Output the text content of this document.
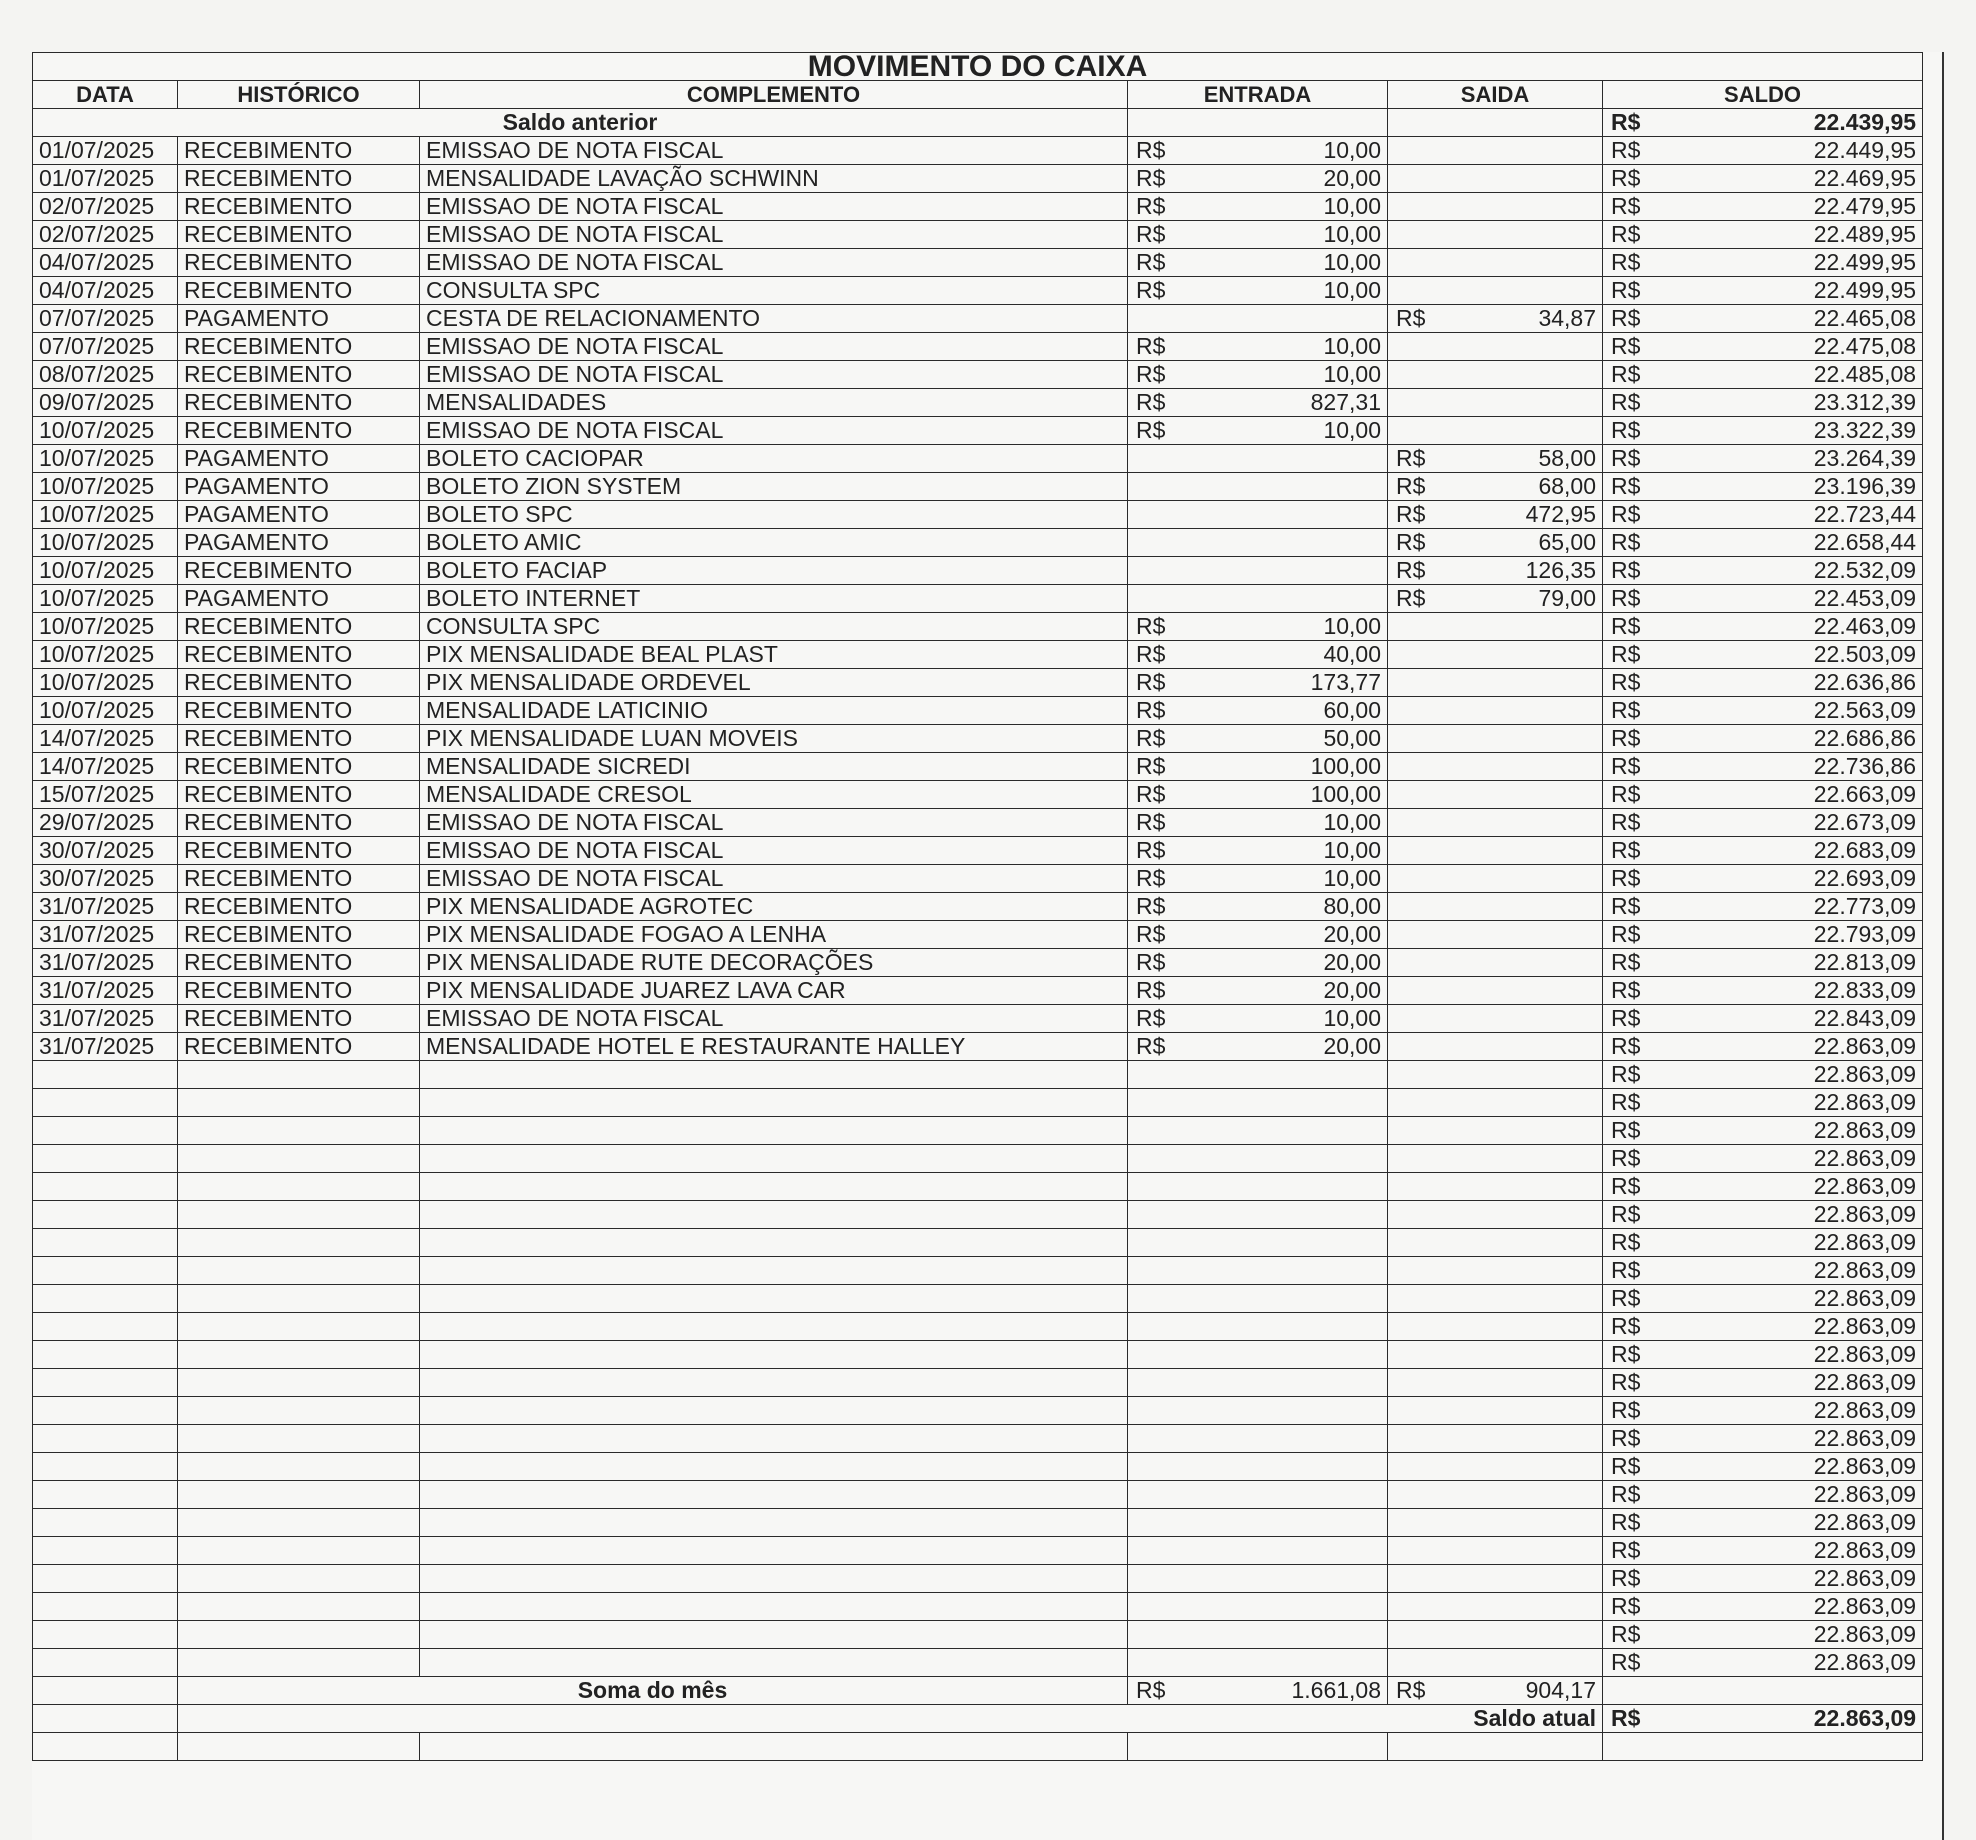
MOVIMENTO DO CAIXA					
DATA	HISTÓRICO	COMPLEMENTO	ENTRADA	SAIDA	SALDO
Saldo anterior					R$ 22.439,95

01/07/2025	RECEBIMENTO	EMISSAO DE NOTA FISCAL	R$ 10,00		R$ 22.449,95

01/07/2025	RECEBIMENTO	MENSALIDADE LAVAÇÃO SCHWINN	R$ 20,00		R$ 22.469,95

02/07/2025	RECEBIMENTO	EMISSAO DE NOTA FISCAL	R$ 10,00		R$ 22.479,95

02/07/2025	RECEBIMENTO	EMISSAO DE NOTA FISCAL	R$ 10,00		R$ 22.489,95

04/07/2025	RECEBIMENTO	EMISSAO DE NOTA FISCAL	R$ 10,00		R$ 22.499,95

04/07/2025	RECEBIMENTO	CONSULTA SPC	R$ 10,00		R$ 22.499,95

07/07/2025	PAGAMENTO	CESTA DE RELACIONAMENTO		R$ 34,87	R$ 22.465,08

07/07/2025	RECEBIMENTO	EMISSAO DE NOTA FISCAL	R$ 10,00		R$ 22.475,08

08/07/2025	RECEBIMENTO	EMISSAO DE NOTA FISCAL	R$ 10,00		R$ 22.485,08

09/07/2025	RECEBIMENTO	MENSALIDADES	R$ 827,31		R$ 23.312,39

10/07/2025	RECEBIMENTO	EMISSAO DE NOTA FISCAL	R$ 10,00		R$ 23.322,39

10/07/2025	PAGAMENTO	BOLETO CACIOPAR		R$ 58,00	R$ 23.264,39

10/07/2025	PAGAMENTO	BOLETO ZION SYSTEM		R$ 68,00	R$ 23.196,39

10/07/2025	PAGAMENTO	BOLETO SPC		R$ 472,95	R$ 22.723,44

10/07/2025	PAGAMENTO	BOLETO AMIC		R$ 65,00	R$ 22.658,44

10/07/2025	RECEBIMENTO	BOLETO FACIAP		R$ 126,35	R$ 22.532,09

10/07/2025	PAGAMENTO	BOLETO INTERNET		R$ 79,00	R$ 22.453,09

10/07/2025	RECEBIMENTO	CONSULTA SPC	R$ 10,00		R$ 22.463,09

10/07/2025	RECEBIMENTO	PIX MENSALIDADE BEAL PLAST	R$ 40,00		R$ 22.503,09

10/07/2025	RECEBIMENTO	PIX MENSALIDADE ORDEVEL	R$ 173,77		R$ 22.636,86

10/07/2025	RECEBIMENTO	MENSALIDADE LATICINIO	R$ 60,00		R$ 22.563,09

14/07/2025	RECEBIMENTO	PIX MENSALIDADE LUAN MOVEIS	R$ 50,00		R$ 22.686,86

14/07/2025	RECEBIMENTO	MENSALIDADE SICREDI	R$ 100,00		R$ 22.736,86

15/07/2025	RECEBIMENTO	MENSALIDADE CRESOL	R$ 100,00		R$ 22.663,09

29/07/2025	RECEBIMENTO	EMISSAO DE NOTA FISCAL	R$ 10,00		R$ 22.673,09

30/07/2025	RECEBIMENTO	EMISSAO DE NOTA FISCAL	R$ 10,00		R$ 22.683,09

30/07/2025	RECEBIMENTO	EMISSAO DE NOTA FISCAL	R$ 10,00		R$ 22.693,09

31/07/2025	RECEBIMENTO	PIX MENSALIDADE AGROTEC	R$ 80,00		R$ 22.773,09

31/07/2025	RECEBIMENTO	PIX MENSALIDADE FOGAO A LENHA	R$ 20,00		R$ 22.793,09

31/07/2025	RECEBIMENTO	PIX MENSALIDADE RUTE DECORAÇÕES	R$ 20,00		R$ 22.813,09

31/07/2025	RECEBIMENTO	PIX MENSALIDADE JUAREZ LAVA CAR	R$ 20,00		R$ 22.833,09

31/07/2025	RECEBIMENTO	EMISSAO DE NOTA FISCAL	R$ 10,00		R$ 22.843,09

31/07/2025	RECEBIMENTO	MENSALIDADE HOTEL E RESTAURANTE HALLEY	R$ 20,00		R$ 22.863,09

					R$ 22.863,09

					R$ 22.863,09

					R$ 22.863,09

					R$ 22.863,09

					R$ 22.863,09

					R$ 22.863,09

					R$ 22.863,09

					R$ 22.863,09

					R$ 22.863,09

					R$ 22.863,09

					R$ 22.863,09

					R$ 22.863,09

					R$ 22.863,09

					R$ 22.863,09

					R$ 22.863,09

					R$ 22.863,09

					R$ 22.863,09

					R$ 22.863,09

					R$ 22.863,09

					R$ 22.863,09

					R$ 22.863,09

					R$ 22.863,09

	Soma do mês		R$ 1.661,08	R$ 904,17	

	Saldo atual				R$ 22.863,09
